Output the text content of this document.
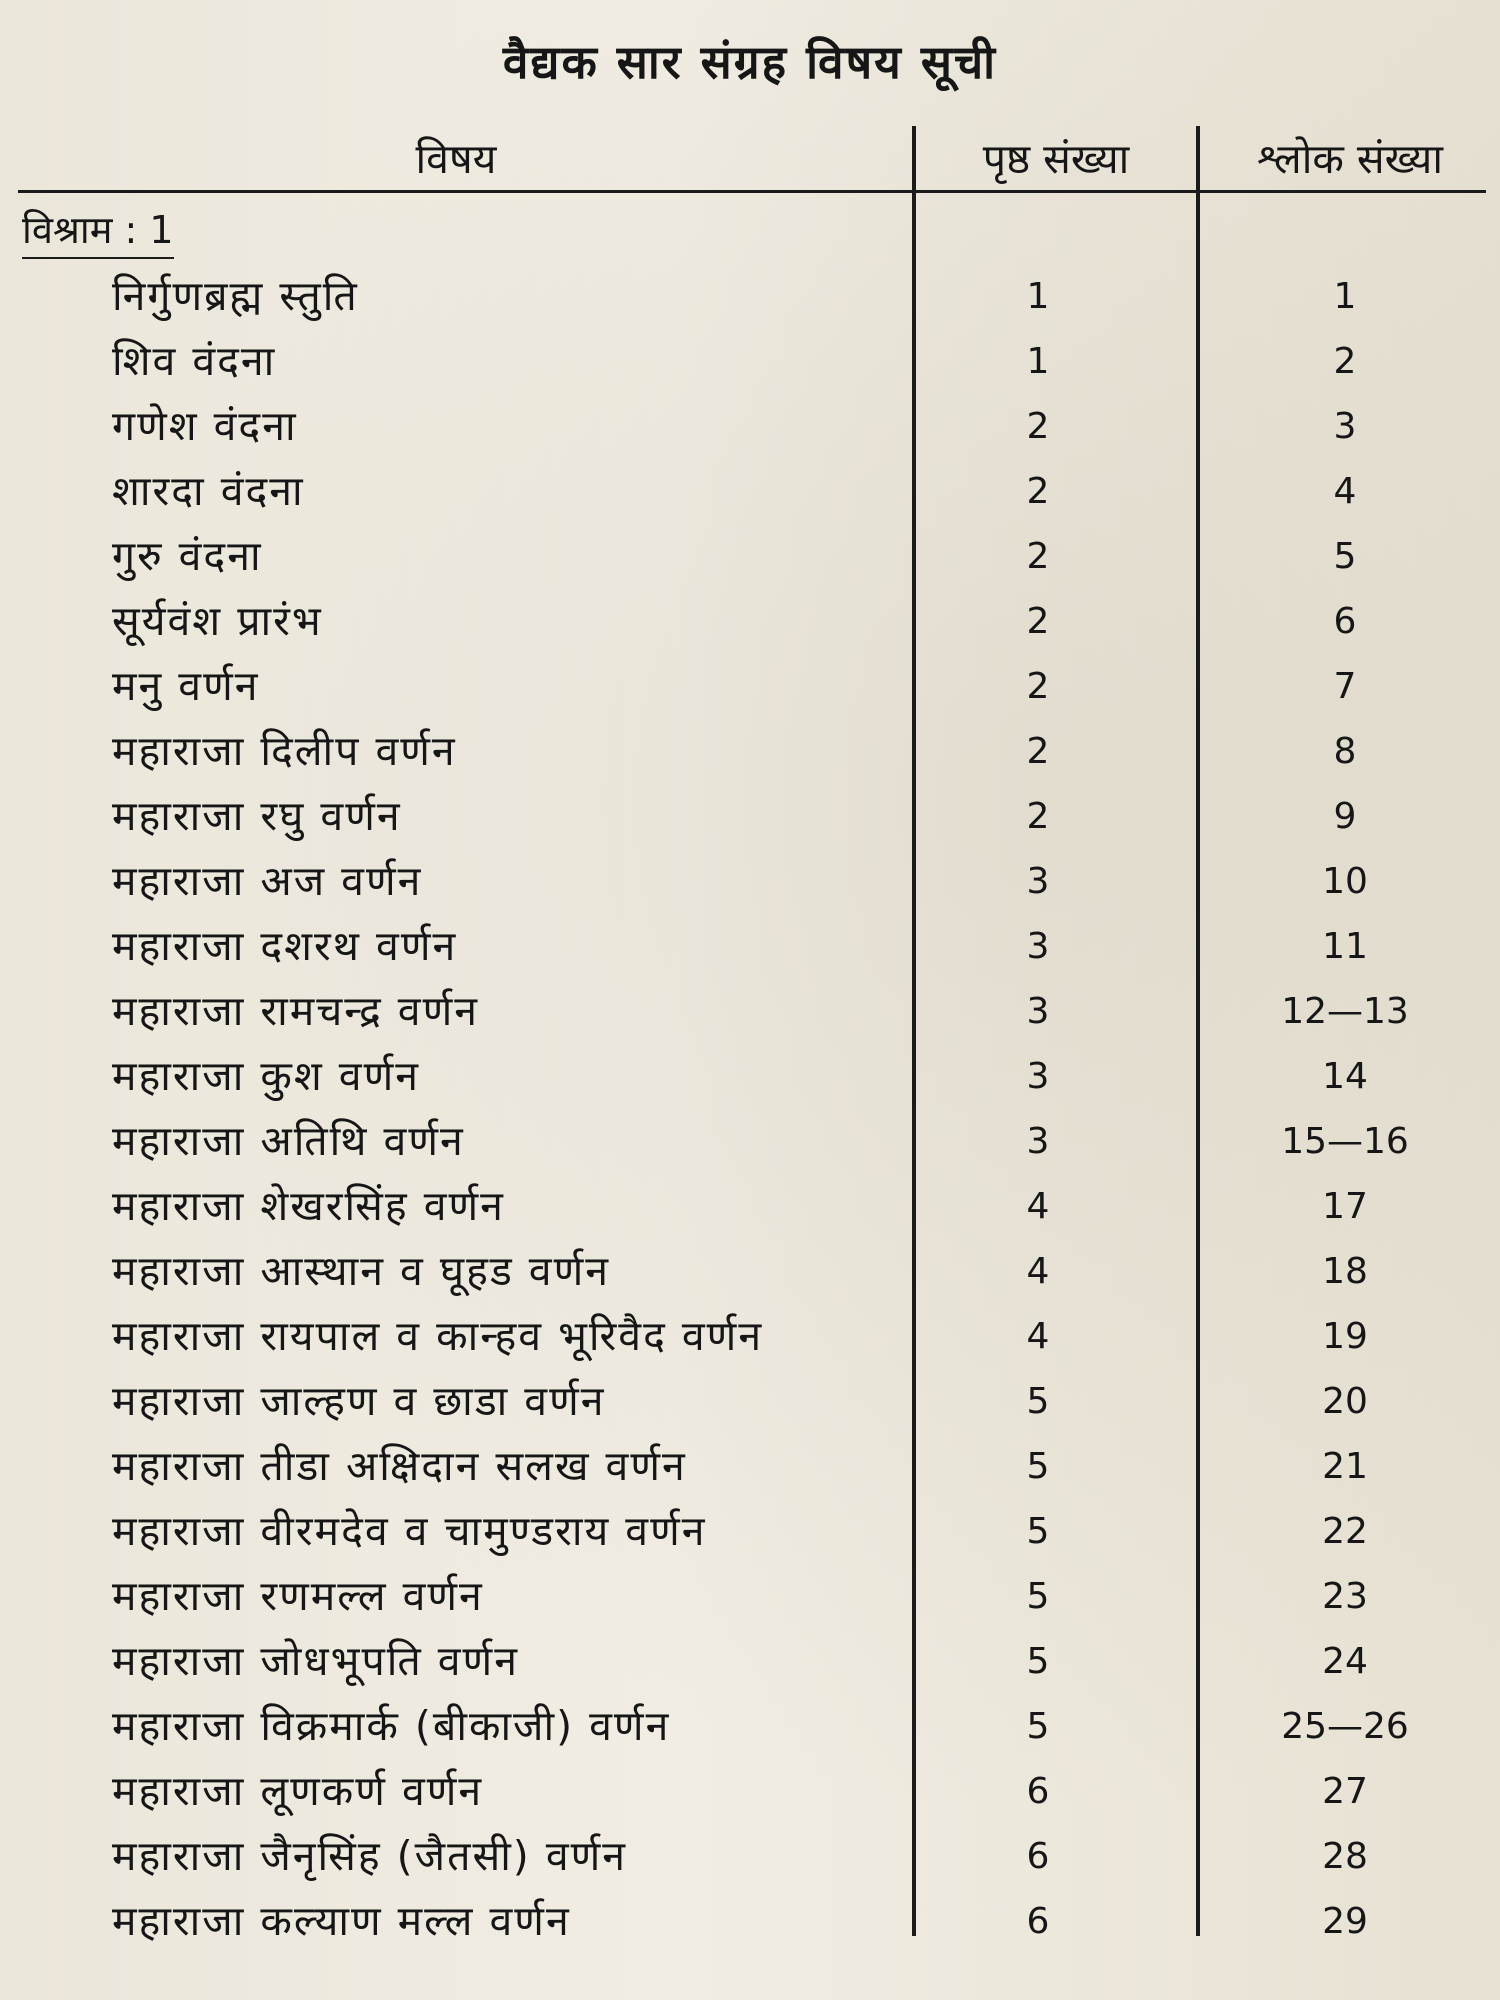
वैद्यक सार संग्रह विषय सूची
विषय	पृष्ठ संख्या	श्लोक संख्या
विश्राम : 1
निर्गुणब्रह्म स्तुति	1	1
शिव वंदना	1	2
गणेश वंदना	2	3
शारदा वंदना	2	4
गुरु वंदना	2	5
सूर्यवंश प्रारंभ	2	6
मनु वर्णन	2	7
महाराजा दिलीप वर्णन	2	8
महाराजा रघु वर्णन	2	9
महाराजा अज वर्णन	3	10
महाराजा दशरथ वर्णन	3	11
महाराजा रामचन्द्र वर्णन	3	12—13
महाराजा कुश वर्णन	3	14
महाराजा अतिथि वर्णन	3	15—16
महाराजा शेखरसिंह वर्णन	4	17
महाराजा आस्थान व घूहड वर्णन	4	18
महाराजा रायपाल व कान्हव भूरिवैद वर्णन	4	19
महाराजा जाल्हण व छाडा वर्णन	5	20
महाराजा तीडा अक्षिदान सलख वर्णन	5	21
महाराजा वीरमदेव व चामुण्डराय वर्णन	5	22
महाराजा रणमल्ल वर्णन	5	23
महाराजा जोधभूपति वर्णन	5	24
महाराजा विक्रमार्क (बीकाजी) वर्णन	5	25—26
महाराजा लूणकर्ण वर्णन	6	27
महाराजा जैनृसिंह (जैतसी) वर्णन	6	28
महाराजा कल्याण मल्ल वर्णन	6	29
